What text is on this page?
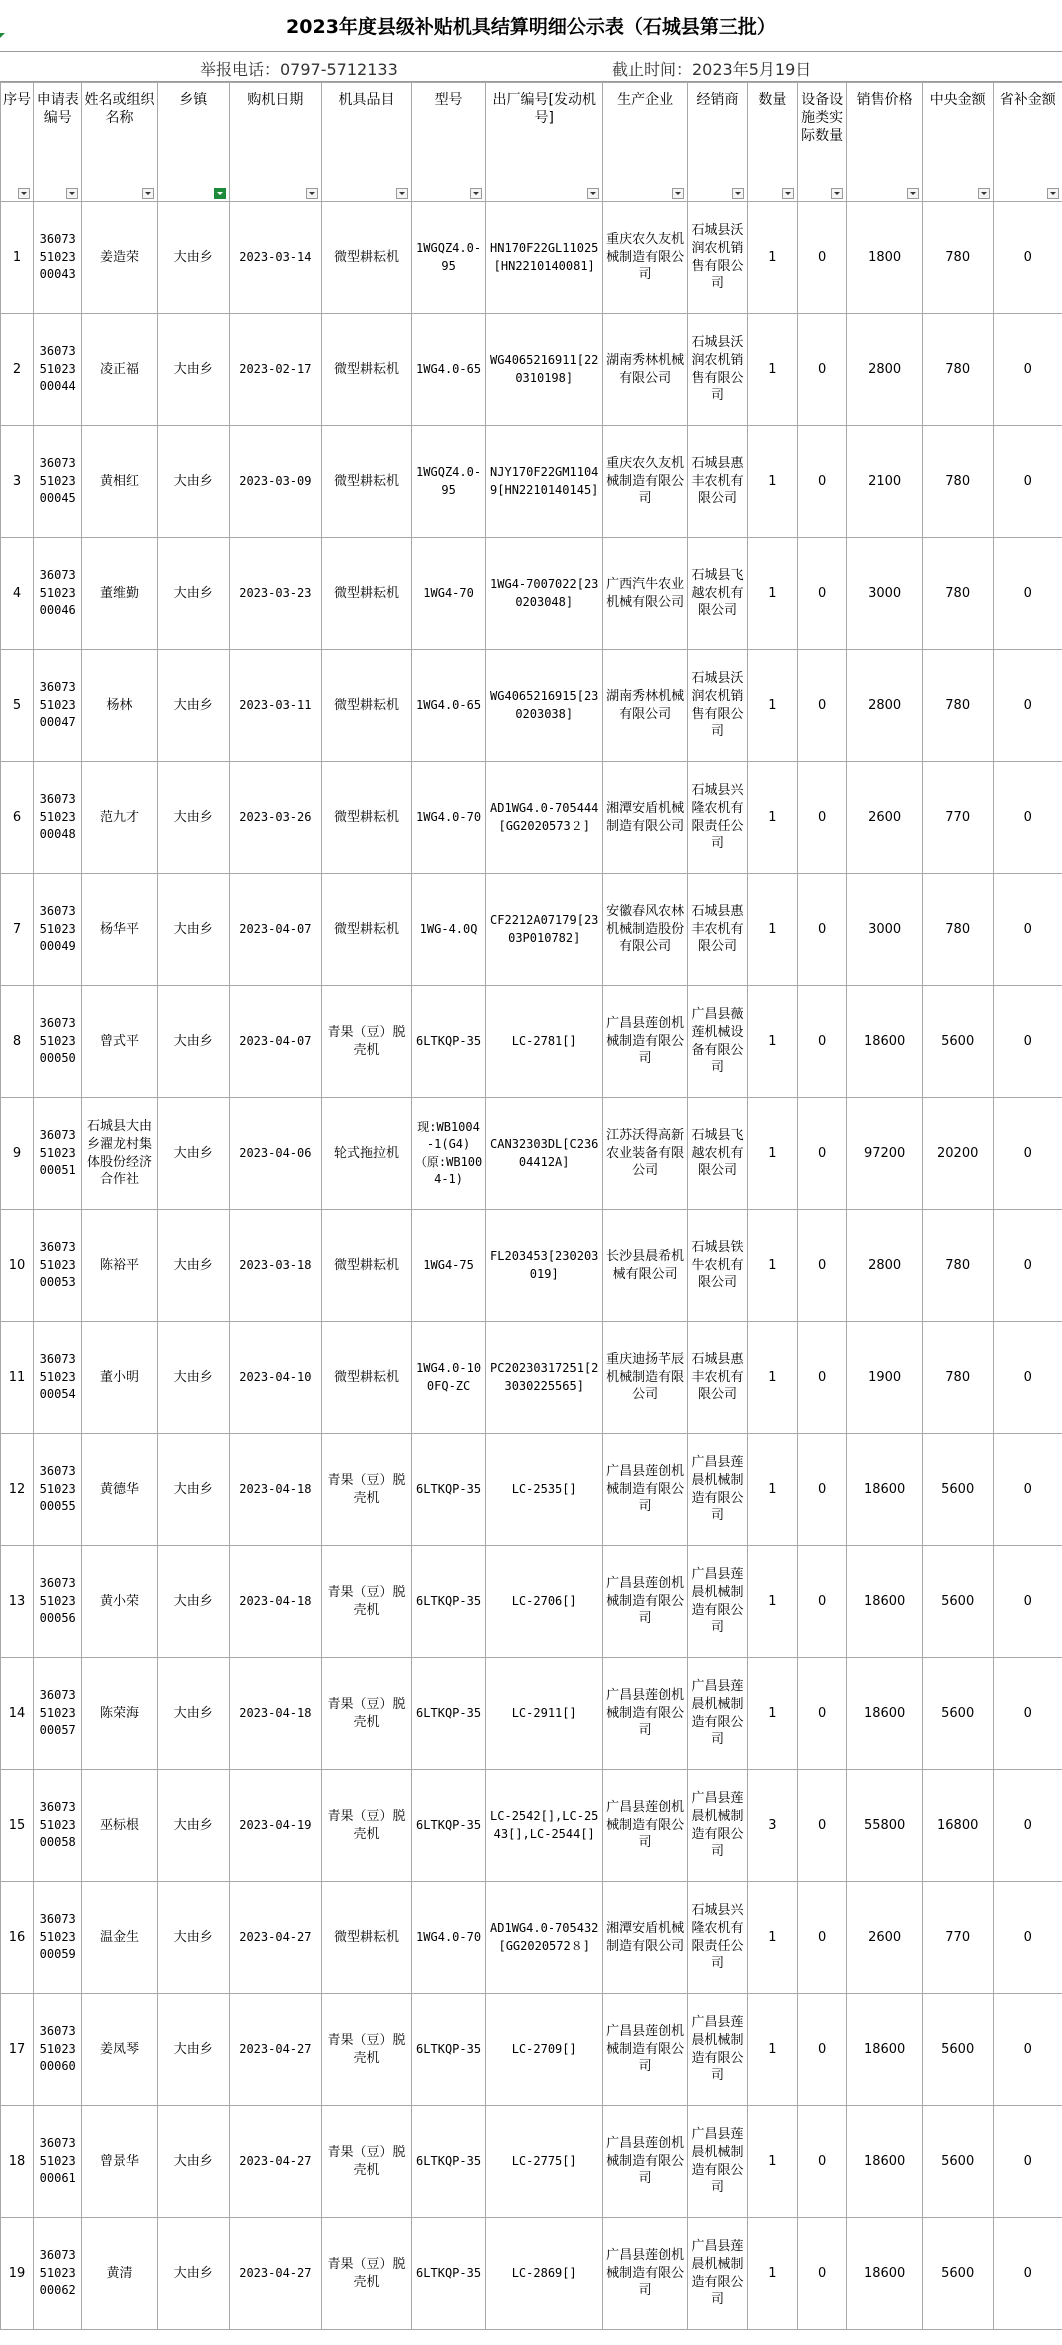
2023年度县级补贴机具结算明细公示表（石城县第三批）
举报电话：0797-5712133	截止时间：2023年5月19日
序号	申请表编号	姓名或组织名称	乡镇	购机日期	机具品目	型号	出厂编号[发动机号]	生产企业	经销商	数量	设备设施类实际数量	销售价格	中央金额	省补金额

1	360735102300043	姜造荣	大由乡	2023-03-14	微型耕耘机	1WGQZ4.0-95	HN170F22GL11025[HN2210140081]	重庆农久友机械制造有限公司	石城县沃润农机销售有限公司	1	0	1800	780	0
2	360735102300044	凌正福	大由乡	2023-02-17	微型耕耘机	1WG4.0-65	WG4065216911[220310198]	湖南秀林机械有限公司	石城县沃润农机销售有限公司	1	0	2800	780	0
3	360735102300045	黄相红	大由乡	2023-03-09	微型耕耘机	1WGQZ4.0-95	NJY170F22GM11049[HN2210140145]	重庆农久友机械制造有限公司	石城县惠丰农机有限公司	1	0	2100	780	0
4	360735102300046	董维勤	大由乡	2023-03-23	微型耕耘机	1WG4-70	1WG4-7007022[230203048]	广西汽牛农业机械有限公司	石城县飞越农机有限公司	1	0	3000	780	0
5	360735102300047	杨林	大由乡	2023-03-11	微型耕耘机	1WG4.0-65	WG4065216915[230203038]	湖南秀林机械有限公司	石城县沃润农机销售有限公司	1	0	2800	780	0
6	360735102300048	范九才	大由乡	2023-03-26	微型耕耘机	1WG4.0-70	AD1WG4.0-705444[GG2020573２]	湘潭安盾机械制造有限公司	石城县兴隆农机有限责任公司	1	0	2600	770	0
7	360735102300049	杨华平	大由乡	2023-04-07	微型耕耘机	1WG-4.0Q	CF2212A07179[2303P010782]	安徽春风农林机械制造股份有限公司	石城县惠丰农机有限公司	1	0	3000	780	0
8	360735102300050	曾式平	大由乡	2023-04-07	青果（豆）脱壳机	6LTKQP-35	LC-2781[]	广昌县莲创机械制造有限公司	广昌县薇莲机械设备有限公司	1	0	18600	5600	0
9	360735102300051	石城县大由乡濯龙村集体股份经济合作社	大由乡	2023-04-06	轮式拖拉机	现:WB1004-1(G4)（原:WB1004-1)	CAN32303DL[C23604412A]	江苏沃得高新农业装备有限公司	石城县飞越农机有限公司	1	0	97200	20200	0
10	360735102300053	陈裕平	大由乡	2023-03-18	微型耕耘机	1WG4-75	FL203453[230203019]	长沙县晨希机械有限公司	石城县铁牛农机有限公司	1	0	2800	780	0
11	360735102300054	董小明	大由乡	2023-04-10	微型耕耘机	1WG4.0-100FQ-ZC	PC20230317251[23030225565]	重庆迪扬芊辰机械制造有限公司	石城县惠丰农机有限公司	1	0	1900	780	0
12	360735102300055	黄德华	大由乡	2023-04-18	青果（豆）脱壳机	6LTKQP-35	LC-2535[]	广昌县莲创机械制造有限公司	广昌县莲晨机械制造有限公司	1	0	18600	5600	0
13	360735102300056	黄小荣	大由乡	2023-04-18	青果（豆）脱壳机	6LTKQP-35	LC-2706[]	广昌县莲创机械制造有限公司	广昌县莲晨机械制造有限公司	1	0	18600	5600	0
14	360735102300057	陈荣海	大由乡	2023-04-18	青果（豆）脱壳机	6LTKQP-35	LC-2911[]	广昌县莲创机械制造有限公司	广昌县莲晨机械制造有限公司	1	0	18600	5600	0
15	360735102300058	巫标根	大由乡	2023-04-19	青果（豆）脱壳机	6LTKQP-35	LC-2542[],LC-2543[],LC-2544[]	广昌县莲创机械制造有限公司	广昌县莲晨机械制造有限公司	3	0	55800	16800	0
16	360735102300059	温金生	大由乡	2023-04-27	微型耕耘机	1WG4.0-70	AD1WG4.0-705432[GG2020572８]	湘潭安盾机械制造有限公司	石城县兴隆农机有限责任公司	1	0	2600	770	0
17	360735102300060	姜凤琴	大由乡	2023-04-27	青果（豆）脱壳机	6LTKQP-35	LC-2709[]	广昌县莲创机械制造有限公司	广昌县莲晨机械制造有限公司	1	0	18600	5600	0
18	360735102300061	曾景华	大由乡	2023-04-27	青果（豆）脱壳机	6LTKQP-35	LC-2775[]	广昌县莲创机械制造有限公司	广昌县莲晨机械制造有限公司	1	0	18600	5600	0
19	360735102300062	黄清	大由乡	2023-04-27	青果（豆）脱壳机	6LTKQP-35	LC-2869[]	广昌县莲创机械制造有限公司	广昌县莲晨机械制造有限公司	1	0	18600	5600	0
